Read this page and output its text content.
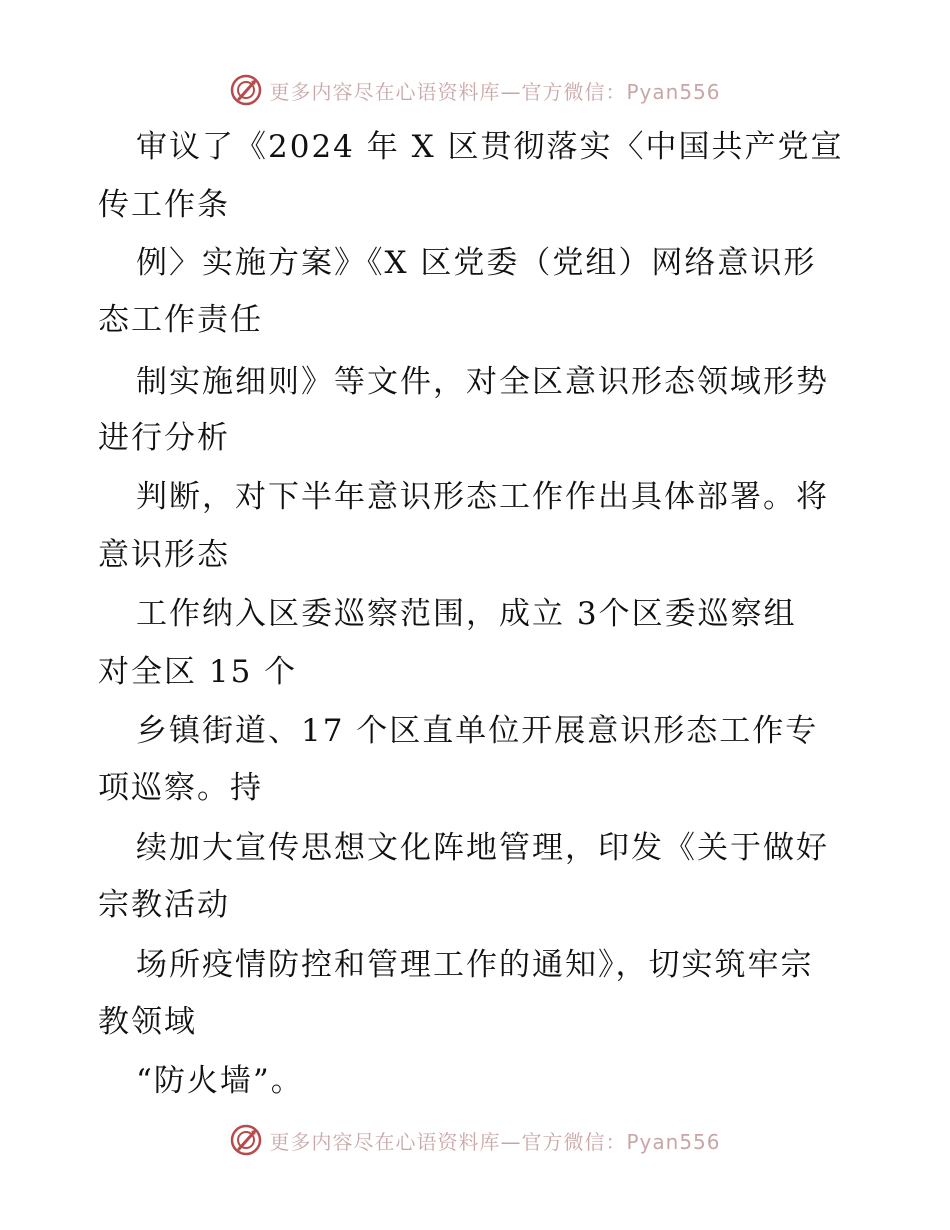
更多内容尽在心语资料库—官方微信：Pyan556
审议了《2024 年 X 区贯彻落实〈中国共产党宣
传工作条
例〉实施方案》《X 区党委（党组）网络意识形
态工作责任
制实施细则》等文件，对全区意识形态领域形势
进行分析
判断，对下半年意识形态工作作出具体部署。将
意识形态
工作纳入区委巡察范围，成立 3个区委巡察组
对全区 15 个
乡镇街道、17 个区直单位开展意识形态工作专
项巡察。持
续加大宣传思想文化阵地管理，印发《关于做好
宗教活动
场所疫情防控和管理工作的通知》，切实筑牢宗
教领域
“防火墙”。
更多内容尽在心语资料库—官方微信：Pyan556
